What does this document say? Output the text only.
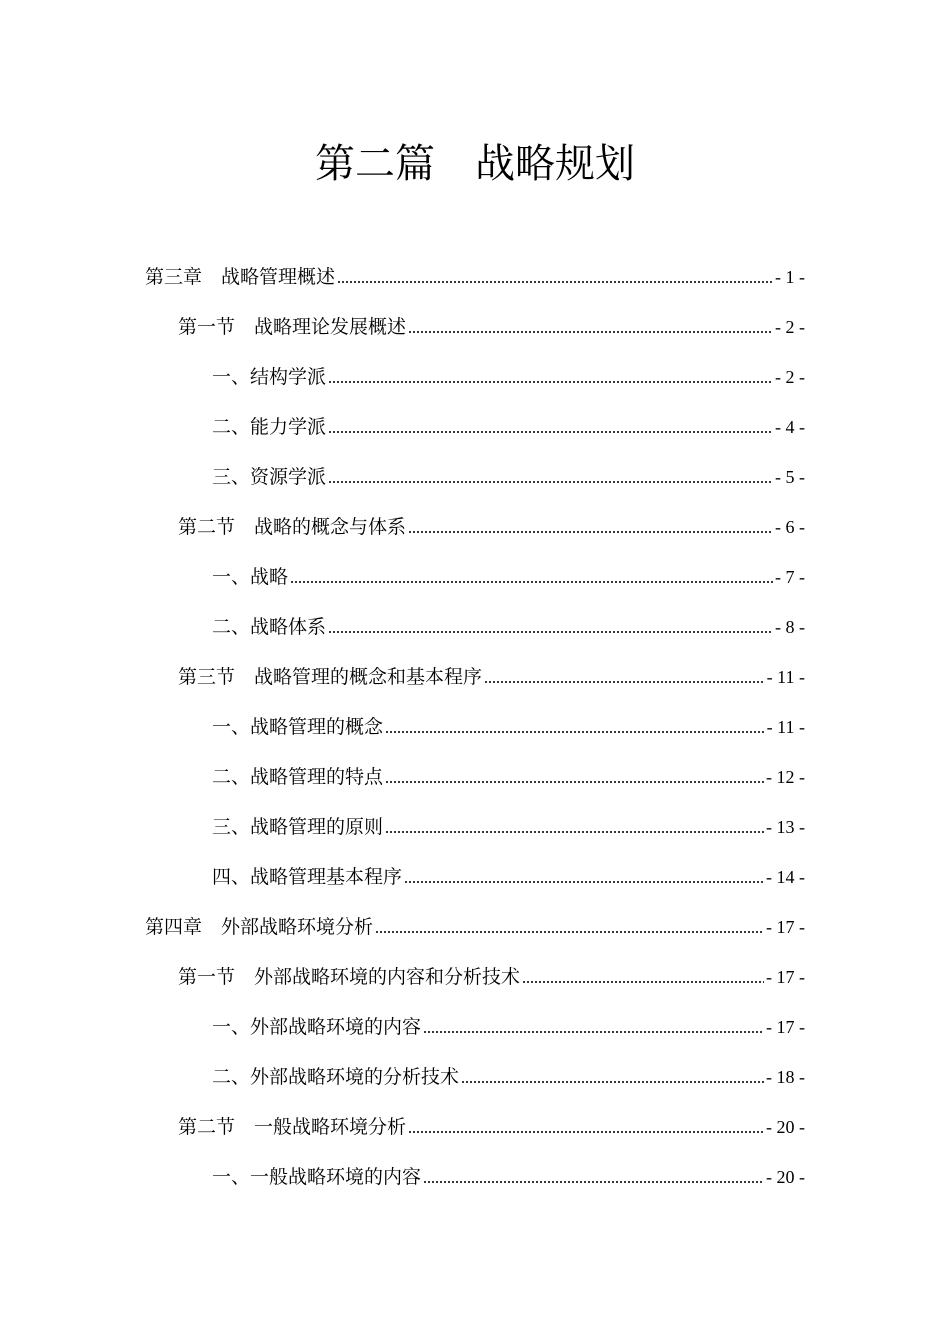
第二篇　战略规划
第三章　战略管理概述	- 1 -
第一节　战略理论发展概述	- 2 -
一、结构学派	- 2 -
二、能力学派	- 4 -
三、资源学派	- 5 -
第二节　战略的概念与体系	- 6 -
一、战略	- 7 -
二、战略体系	- 8 -
第三节　战略管理的概念和基本程序	- 11 -
一、战略管理的概念	- 11 -
二、战略管理的特点	- 12 -
三、战略管理的原则	- 13 -
四、战略管理基本程序	- 14 -
第四章　外部战略环境分析	- 17 -
第一节　外部战略环境的内容和分析技术	- 17 -
一、外部战略环境的内容	- 17 -
二、外部战略环境的分析技术	- 18 -
第二节　一般战略环境分析	- 20 -
一、一般战略环境的内容	- 20 -
